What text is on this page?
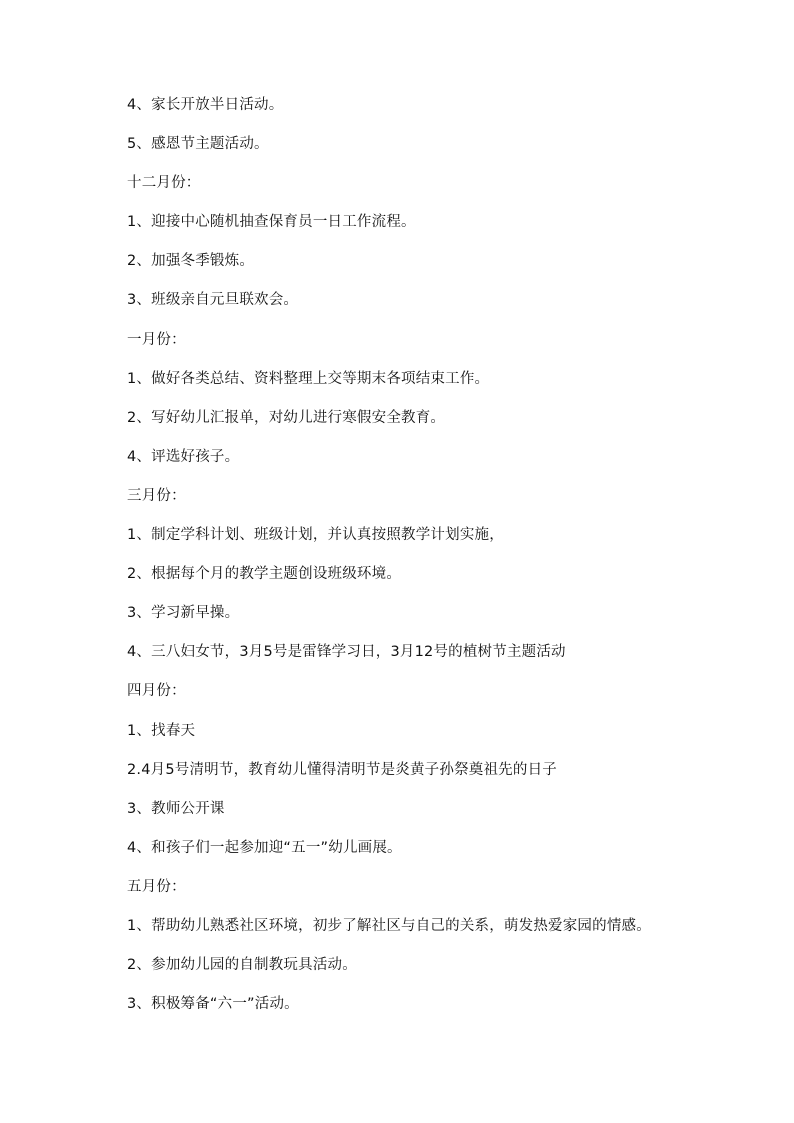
4、家长开放半日活动。
5、感恩节主题活动。
十二月份：
1、迎接中心随机抽查保育员一日工作流程。
2、加强冬季锻炼。
3、班级亲自元旦联欢会。
一月份：
1、做好各类总结、资料整理上交等期末各项结束工作。
2、写好幼儿汇报单，对幼儿进行寒假安全教育。
4、评选好孩子。
三月份：
1、制定学科计划、班级计划，并认真按照教学计划实施，
2、根据每个月的教学主题创设班级环境。
3、学习新早操。
4、三八妇女节，3月5号是雷锋学习日，3月12号的植树节主题活动
四月份：
1、找春天
2.4月5号清明节，教育幼儿懂得清明节是炎黄子孙祭奠祖先的日子
3、教师公开课
4、和孩子们一起参加迎“五一”幼儿画展。
五月份：
1、帮助幼儿熟悉社区环境，初步了解社区与自己的关系，萌发热爱家园的情感。
2、参加幼儿园的自制教玩具活动。
3、积极筹备“六一”活动。
